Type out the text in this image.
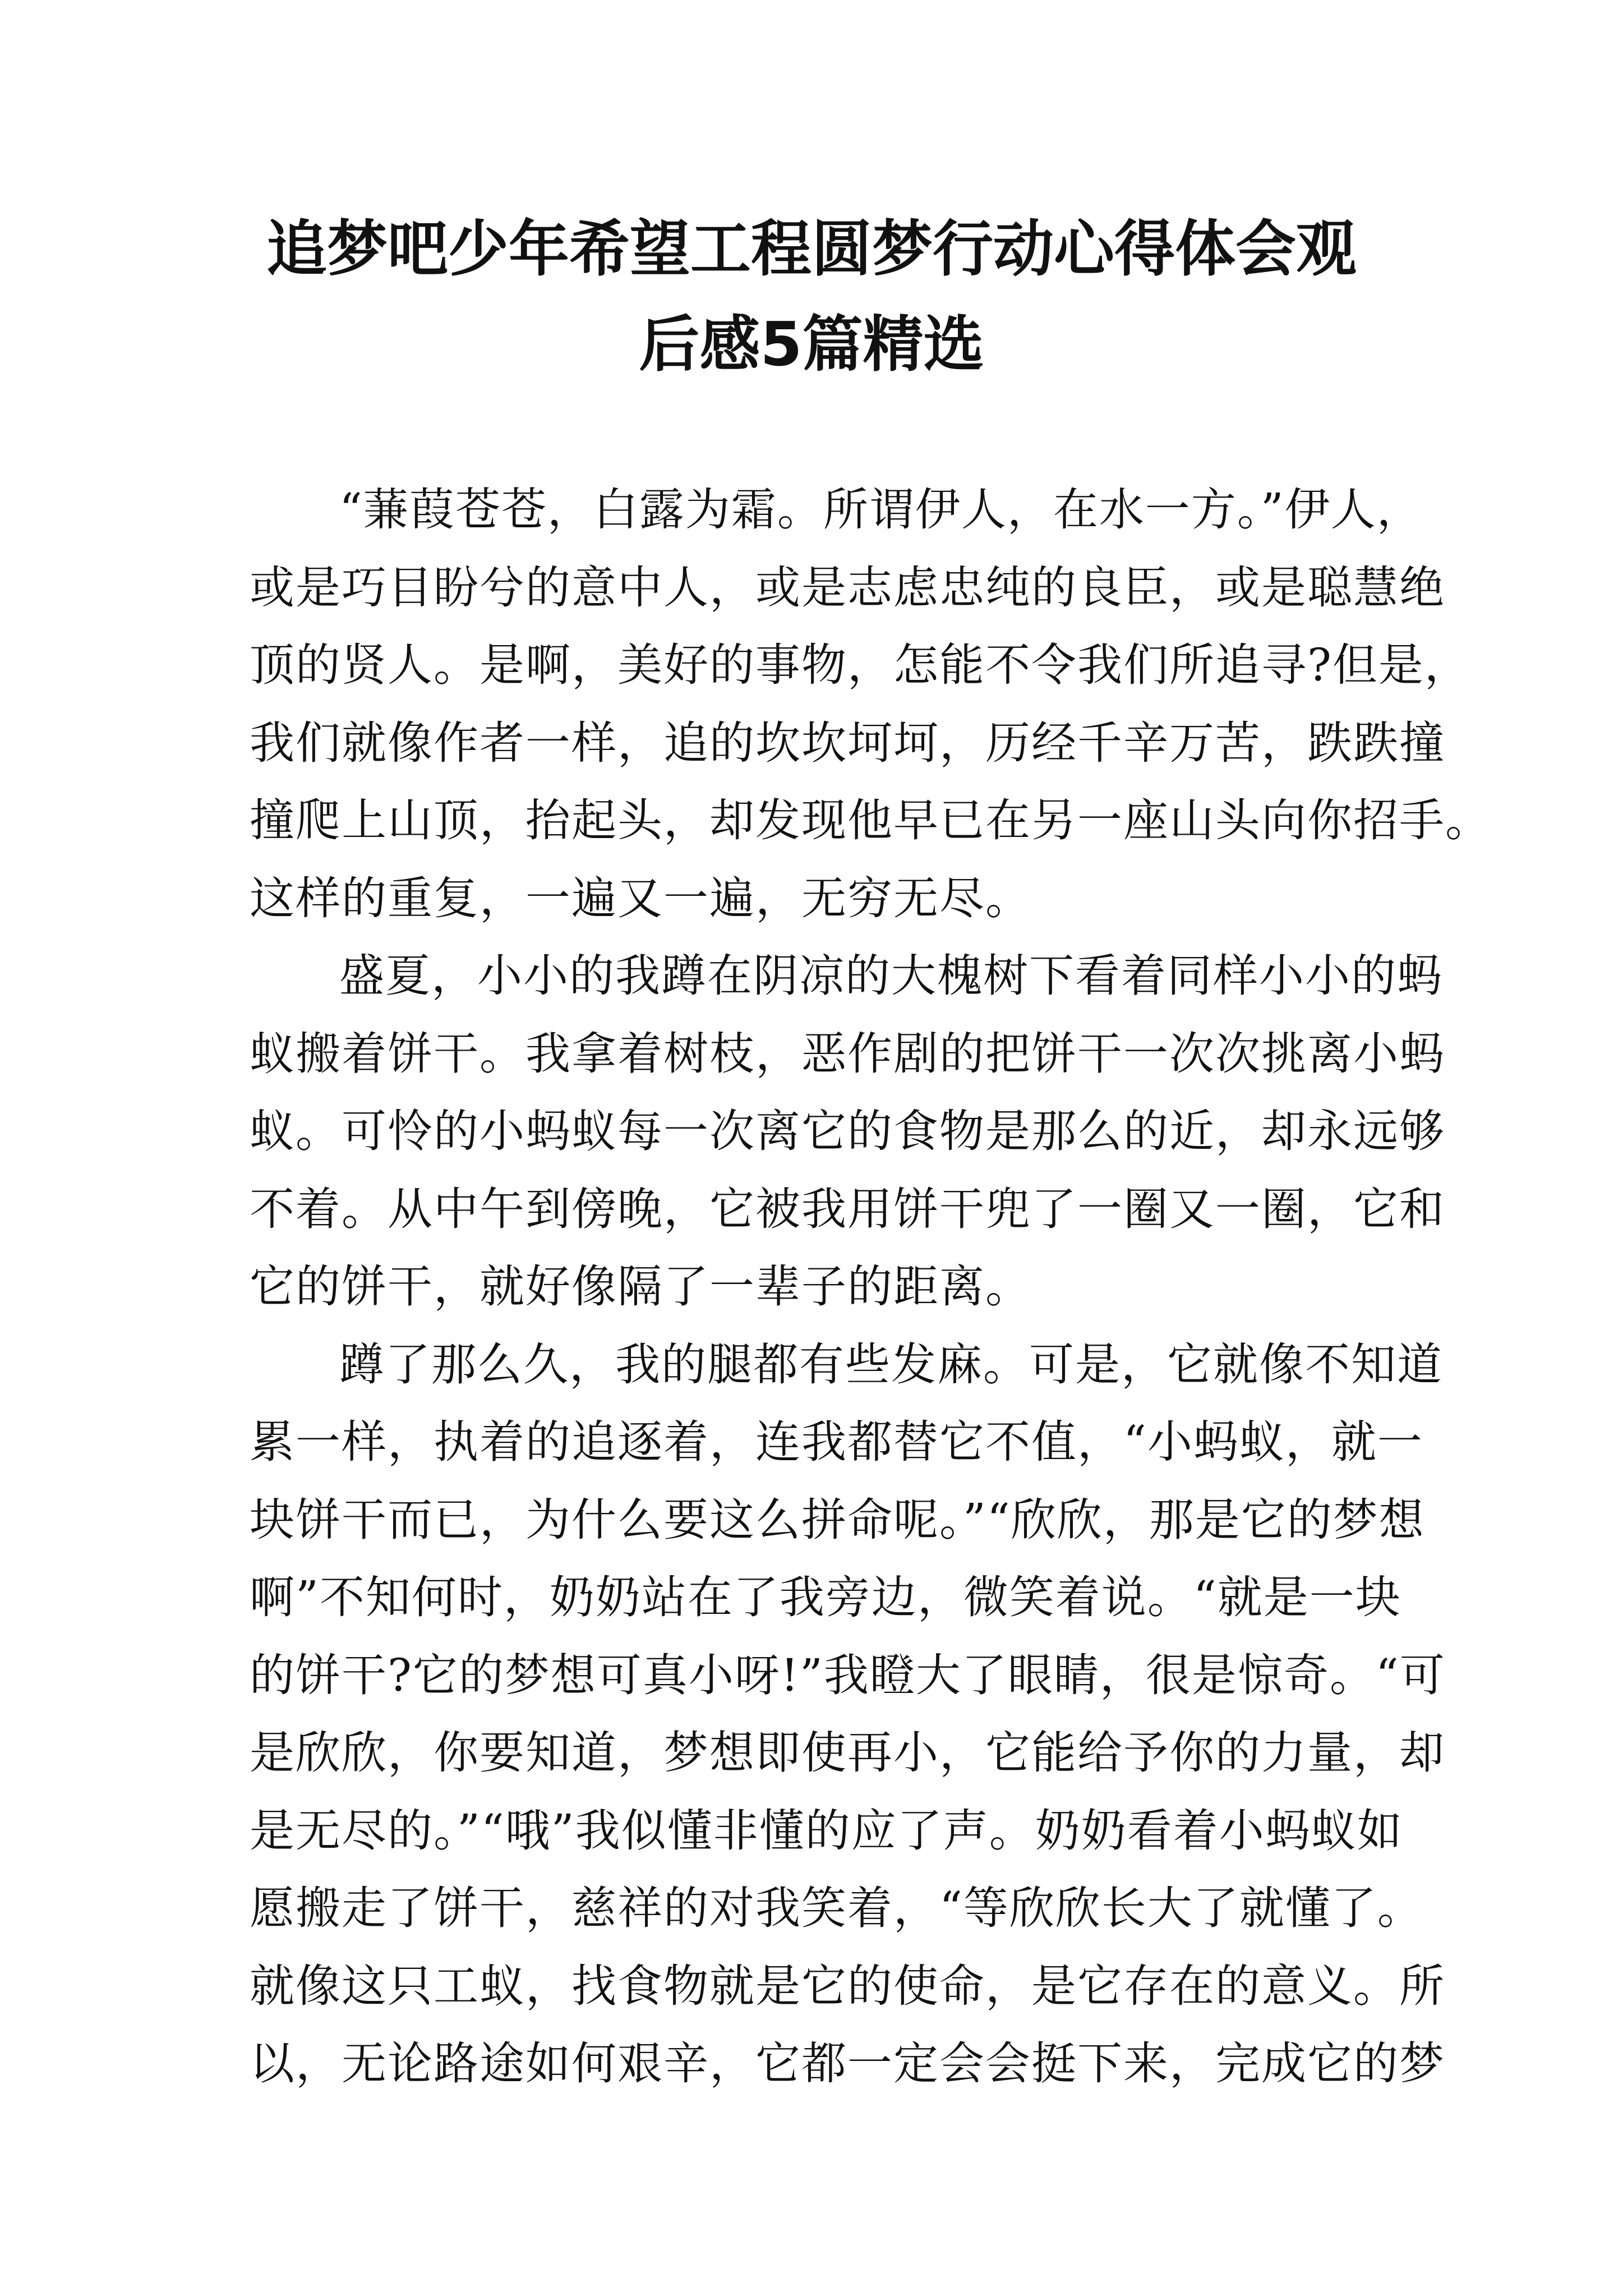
追梦吧少年希望工程圆梦行动心得体会观
后感5篇精选
“蒹葭苍苍，白露为霜。所谓伊人，在水一方。”伊人，
或是巧目盼兮的意中人，或是志虑忠纯的良臣，或是聪慧绝
顶的贤人。是啊，美好的事物，怎能不令我们所追寻?但是，
我们就像作者一样，追的坎坎坷坷，历经千辛万苦，跌跌撞
撞爬上山顶，抬起头，却发现他早已在另一座山头向你招手。
这样的重复，一遍又一遍，无穷无尽。
盛夏，小小的我蹲在阴凉的大槐树下看着同样小小的蚂
蚁搬着饼干。我拿着树枝，恶作剧的把饼干一次次挑离小蚂
蚁。可怜的小蚂蚁每一次离它的食物是那么的近，却永远够
不着。从中午到傍晚，它被我用饼干兜了一圈又一圈，它和
它的饼干，就好像隔了一辈子的距离。
蹲了那么久，我的腿都有些发麻。可是，它就像不知道
累一样，执着的追逐着，连我都替它不值，“小蚂蚁，就一
块饼干而已，为什么要这么拼命呢。”“欣欣，那是它的梦想
啊”不知何时，奶奶站在了我旁边，微笑着说。“就是一块
的饼干?它的梦想可真小呀!”我瞪大了眼睛，很是惊奇。“可
是欣欣，你要知道，梦想即使再小，它能给予你的力量，却
是无尽的。”“哦”我似懂非懂的应了声。奶奶看着小蚂蚁如
愿搬走了饼干，慈祥的对我笑着，“等欣欣长大了就懂了。
就像这只工蚁，找食物就是它的使命，是它存在的意义。所
以，无论路途如何艰辛，它都一定会会挺下来，完成它的梦
